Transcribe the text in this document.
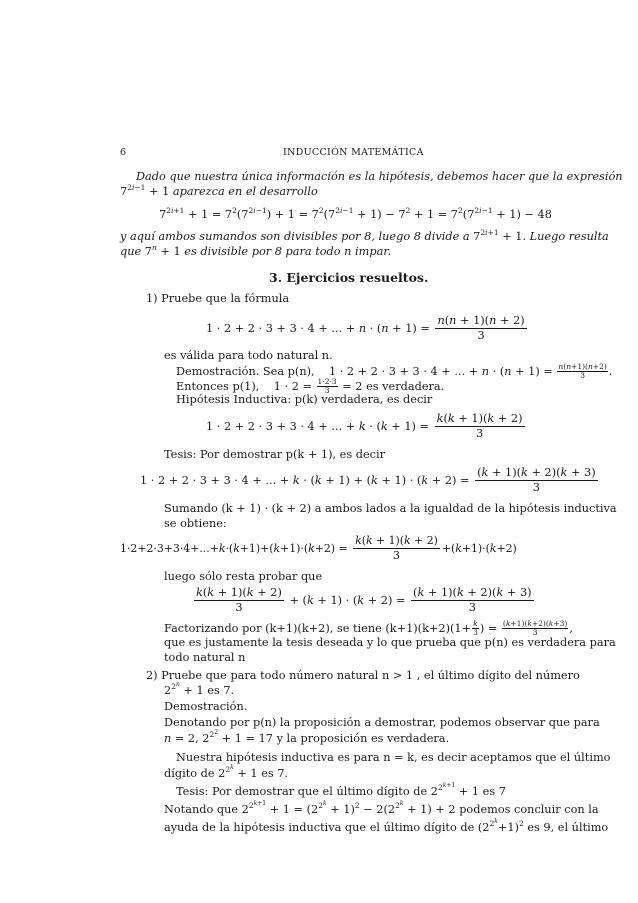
6	INDUCCIÓN MATEMÁTICA
Dado que nuestra única información es la hipótesis, debemos hacer que la expresión
$7^{2i-1} + 1$ aparezca en el desarrollo
$7^{2i+1} + 1 = 7^2(7^{2i-1}) + 1 = 7^2(7^{2i-1} + 1) - 7^2 + 1 = 7^2(7^{2i-1} + 1) - 48$
y aquí ambos sumandos son divisibles por 8, luego 8 divide a $7^{2i+1} + 1$. Luego resulta
que $7^n + 1$ es divisible por 8 para todo n impar.
3. Ejercicios resueltos.
1) Pruebe que la fórmula
1 · 2 + 2 · 3 + 3 · 4 + ... + $n \cdot (n + 1) = \frac{n(n + 1)(n + 2)}{3}$
es válida para todo natural n.
Demostración. Sea p(n), 1 · 2 + 2 · 3 + 3 · 4 + ... + $n \cdot (n + 1) = \frac{n(n+1)(n+2)}{3}$ .
Entonces p(1), $1 \cdot 2 = \frac{1\cdot 2\cdot 3}{3} = 2$ es verdadera.
Hipótesis Inductiva: p(k) verdadera, es decir
1 · 2 + 2 · 3 + 3 · 4 + ... + $k \cdot (k + 1) = \frac{k(k + 1)(k + 2)}{3}$
Tesis: Por demostrar p(k + 1), es decir
1 · 2 + 2 · 3 + 3 · 4 + ... + $k \cdot (k + 1) + (k + 1) \cdot (k + 2) = \frac{(k + 1)(k + 2)(k + 3)}{3}$
Sumando (k + 1) · (k + 2) a ambos lados a la igualdad de la hipótesis inductiva
se obtiene:
$1\cdot 2+2\cdot 3+3\cdot 4+...+k\cdot(k+1)+(k+1)\cdot(k+2) = \frac{k(k + 1)(k + 2)}{3} +(k+1)\cdot(k+2)$
luego sólo resta probar que
$\frac{k(k + 1)(k + 2)}{3} + (k + 1) \cdot (k + 2) = \frac{(k + 1)(k + 2)(k + 3)}{3}$
Factorizando por (k+1)(k+2), se tiene $(k+1)(k+2)(1+ \frac{k}{3}$ ) = $\frac{(k+1)(k+2)(k+3)}{3}$ ,
que es justamente la tesis deseada y lo que prueba que p(n) es verdadera para
todo natural n
2) Pruebe que para todo número natural n > 1 , el último dígito del número
$2^{2^n} + 1$ es 7.
Demostración.
Denotando por p(n) la proposición a demostrar, podemos observar que para
n = 2, $2^{2^2} + 1 = 17$ y la proposición es verdadera.
Nuestra hipótesis inductiva es para n = k, es decir aceptamos que el último
dígito de $2^{2^k} + 1$ es 7.
Tesis: Por demostrar que el último dígito de $2^{2^{k+1}} + 1$ es 7
Notando que $2^{2^{k+1}} + 1 = (2^{2^k} + 1)^2 - 2(2^{2^k} + 1) + 2$ podemos concluir con la
ayuda de la hipótesis inductiva que el último dígito de $(2^{2^k}+1)^2$ es 9, el último
